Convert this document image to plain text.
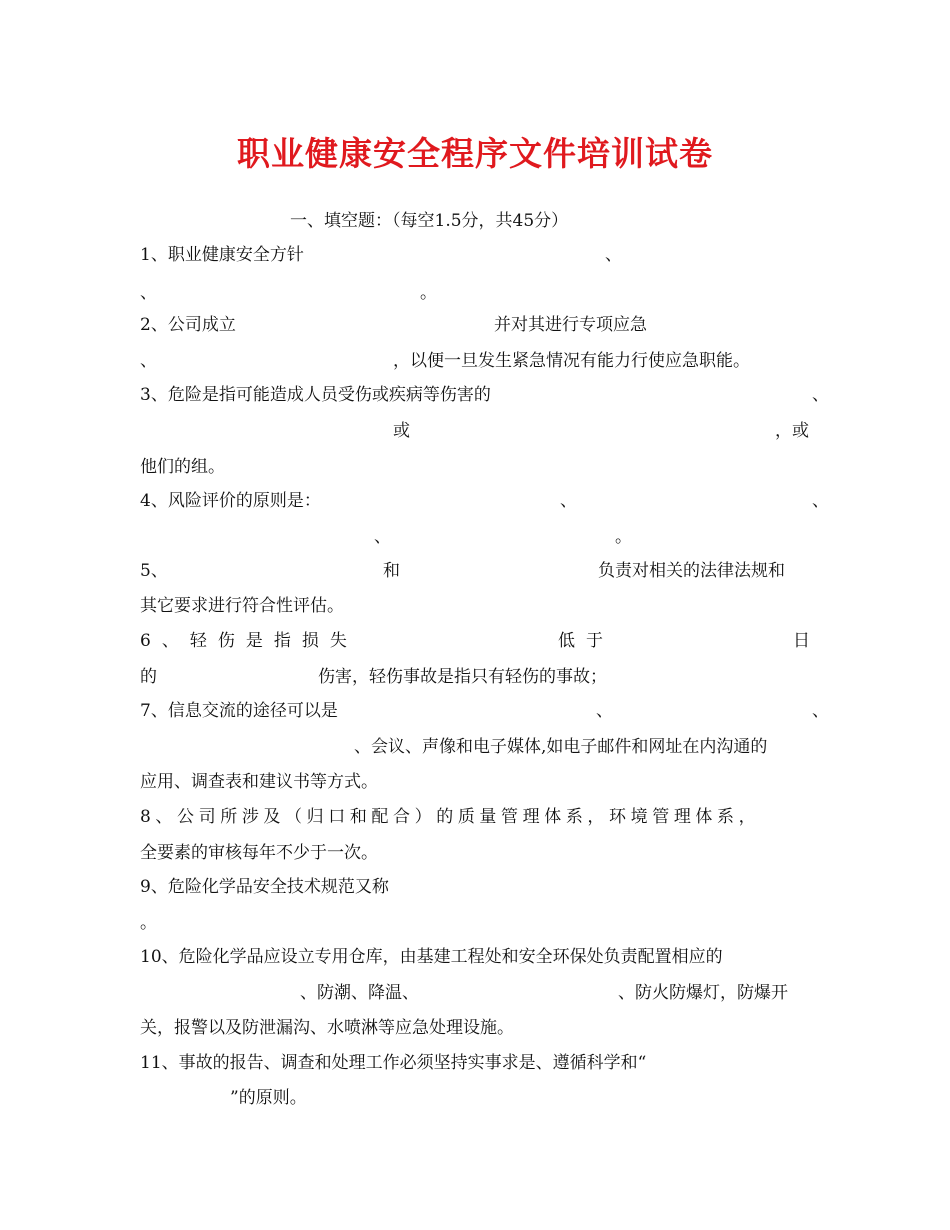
职业健康安全程序文件培训试卷
一、填空题：（每空1.5分，共45分）
1、职业健康安全方针	、
、	。
2、公司成立	并对其进行专项应急
、	，以便一旦发生紧急情况有能力行使应急职能。
3、危险是指可能造成人员受伤或疾病等伤害的	、
或	，或
他们的组。
4、风险评价的原则是：	、	、
、	。
5、	和	负责对相关的法律法规和
其它要求进行符合性评估。
6、轻伤是指损失	低于	日
的	伤害，轻伤事故是指只有轻伤的事故；
7、信息交流的途径可以是	、	、
、会议、声像和电子媒体,如电子邮件和网址在内沟通的
应用、调查表和建议书等方式。
8、公司所涉及（归口和配合）的质量管理体系，环境管理体系，
全要素的审核每年不少于一次。
9、危险化学品安全技术规范又称
。
10、危险化学品应设立专用仓库，由基建工程处和安全环保处负责配置相应的
、防潮、降温、	、防火防爆灯，防爆开
关，报警以及防泄漏沟、水喷淋等应急处理设施。
11、事故的报告、调查和处理工作必须坚持实事求是、遵循科学和“
”的原则。
